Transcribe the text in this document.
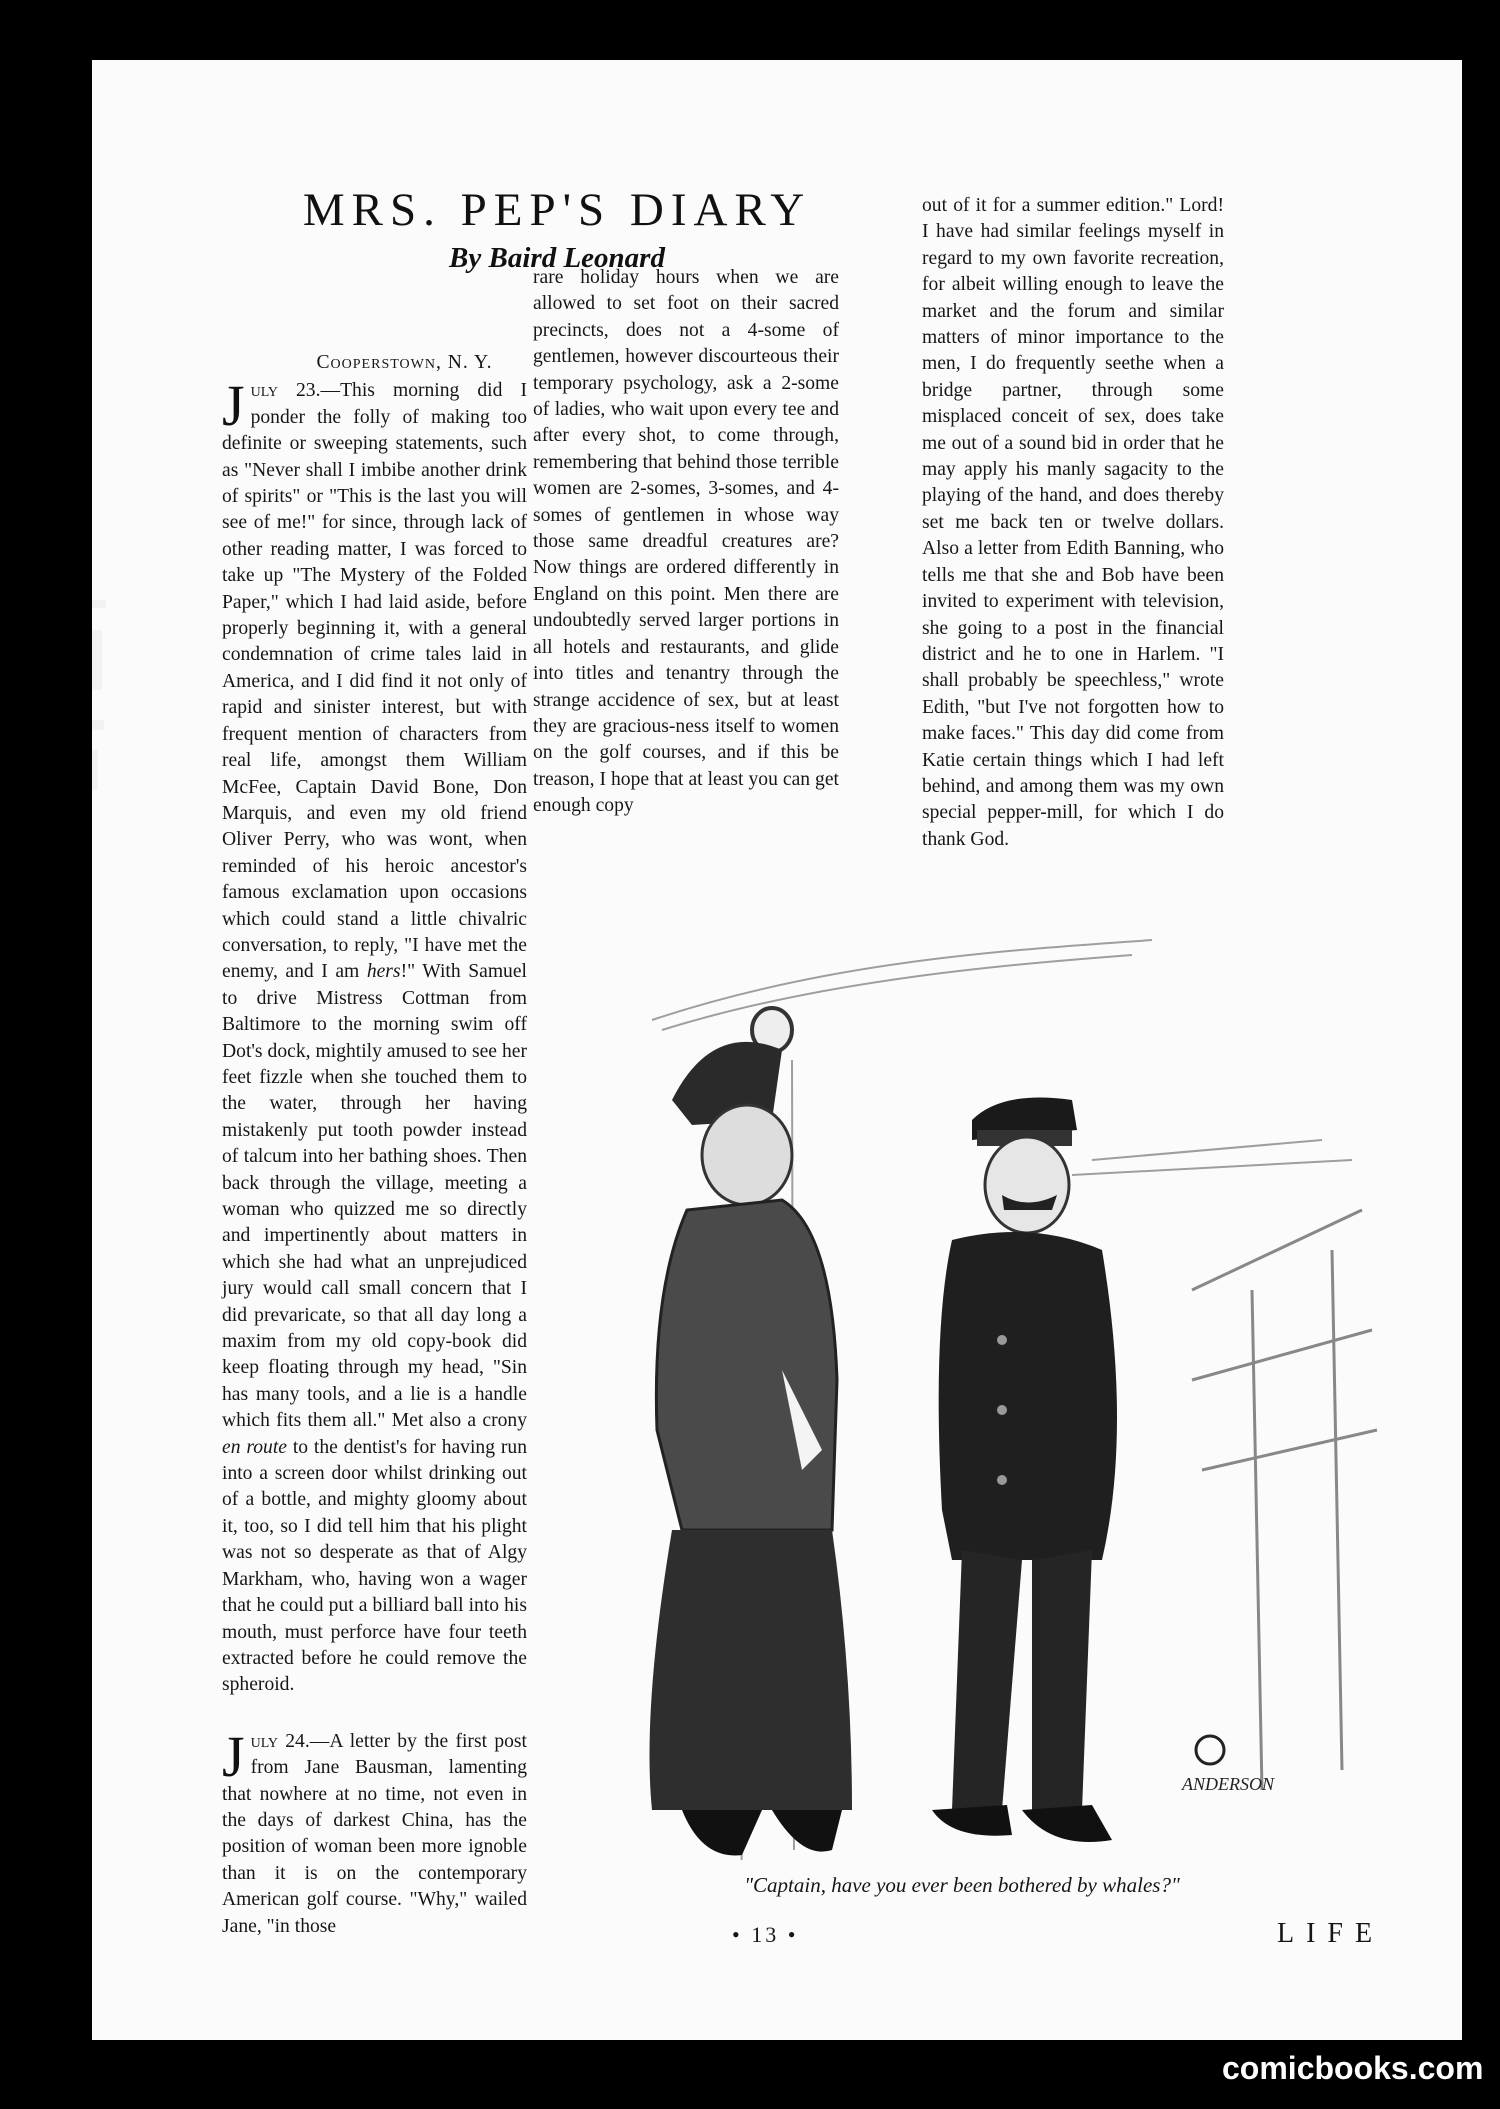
MRS. PEP'S DIARY

By Baird Leonard

Cooperstown, N. Y.

July 23.—This morning did I ponder the folly of making too definite or sweeping statements, such as "Never shall I imbibe another drink of spirits" or "This is the last you will see of me!" for since, through lack of other reading matter, I was forced to take up "The Mystery of the Folded Paper," which I had laid aside, before properly beginning it, with a general condemnation of crime tales laid in America, and I did find it not only of rapid and sinister interest, but with frequent mention of characters from real life, amongst them William McFee, Captain David Bone, Don Marquis, and even my old friend Oliver Perry, who was wont, when reminded of his heroic ancestor's famous exclamation upon occasions which could stand a little chivalric conversation, to reply, "I have met the enemy, and I am hers!" With Samuel to drive Mistress Cottman from Baltimore to the morning swim off Dot's dock, mightily amused to see her feet fizzle when she touched them to the water, through her having mistakenly put tooth powder instead of talcum into her bathing shoes. Then back through the village, meeting a woman who quizzed me so directly and impertinently about matters in which she had what an unprejudiced jury would call small concern that I did prevaricate, so that all day long a maxim from my old copy-book did keep floating through my head, "Sin has many tools, and a lie is a handle which fits them all." Met also a crony en route to the dentist's for having run into a screen door whilst drinking out of a bottle, and mighty gloomy about it, too, so I did tell him that his plight was not so desperate as that of Algy Markham, who, having won a wager that he could put a billiard ball into his mouth, must perforce have four teeth extracted before he could remove the spheroid.

July 24.—A letter by the first post from Jane Bausman, lamenting that nowhere at no time, not even in the days of darkest China, has the position of woman been more ignoble than it is on the contemporary American golf course. "Why," wailed Jane, "in those

rare holiday hours when we are allowed to set foot on their sacred precincts, does not a 4-some of gentlemen, however discourteous their temporary psychology, ask a 2-some of ladies, who wait upon every tee and after every shot, to come through, remembering that behind those terrible women are 2-somes, 3-somes, and 4-somes of gentlemen in whose way those same dreadful creatures are? Now things are ordered differently in England on this point. Men there are undoubtedly served larger portions in all hotels and restaurants, and glide into titles and tenantry through the strange accidence of sex, but at least they are gracious-ness itself to women on the golf courses, and if this be treason, I hope that at least you can get enough copy

out of it for a summer edition." Lord! I have had similar feelings myself in regard to my own favorite recreation, for albeit willing enough to leave the market and the forum and similar matters of minor importance to the men, I do frequently seethe when a bridge partner, through some misplaced conceit of sex, does take me out of a sound bid in order that he may apply his manly sagacity to the playing of the hand, and does thereby set me back ten or twelve dollars. Also a letter from Edith Banning, who tells me that she and Bob have been invited to experiment with television, she going to a post in the financial district and he to one in Harlem. "I shall probably be speechless," wrote Edith, "but I've not forgotten how to make faces." This day did come from Katie certain things which I had left behind, and among them was my own special pepper-mill, for which I do thank God.

ANDERSON

"Captain, have you ever been bothered by whales?"

• 13 •	LIFE

comicbooks.com
